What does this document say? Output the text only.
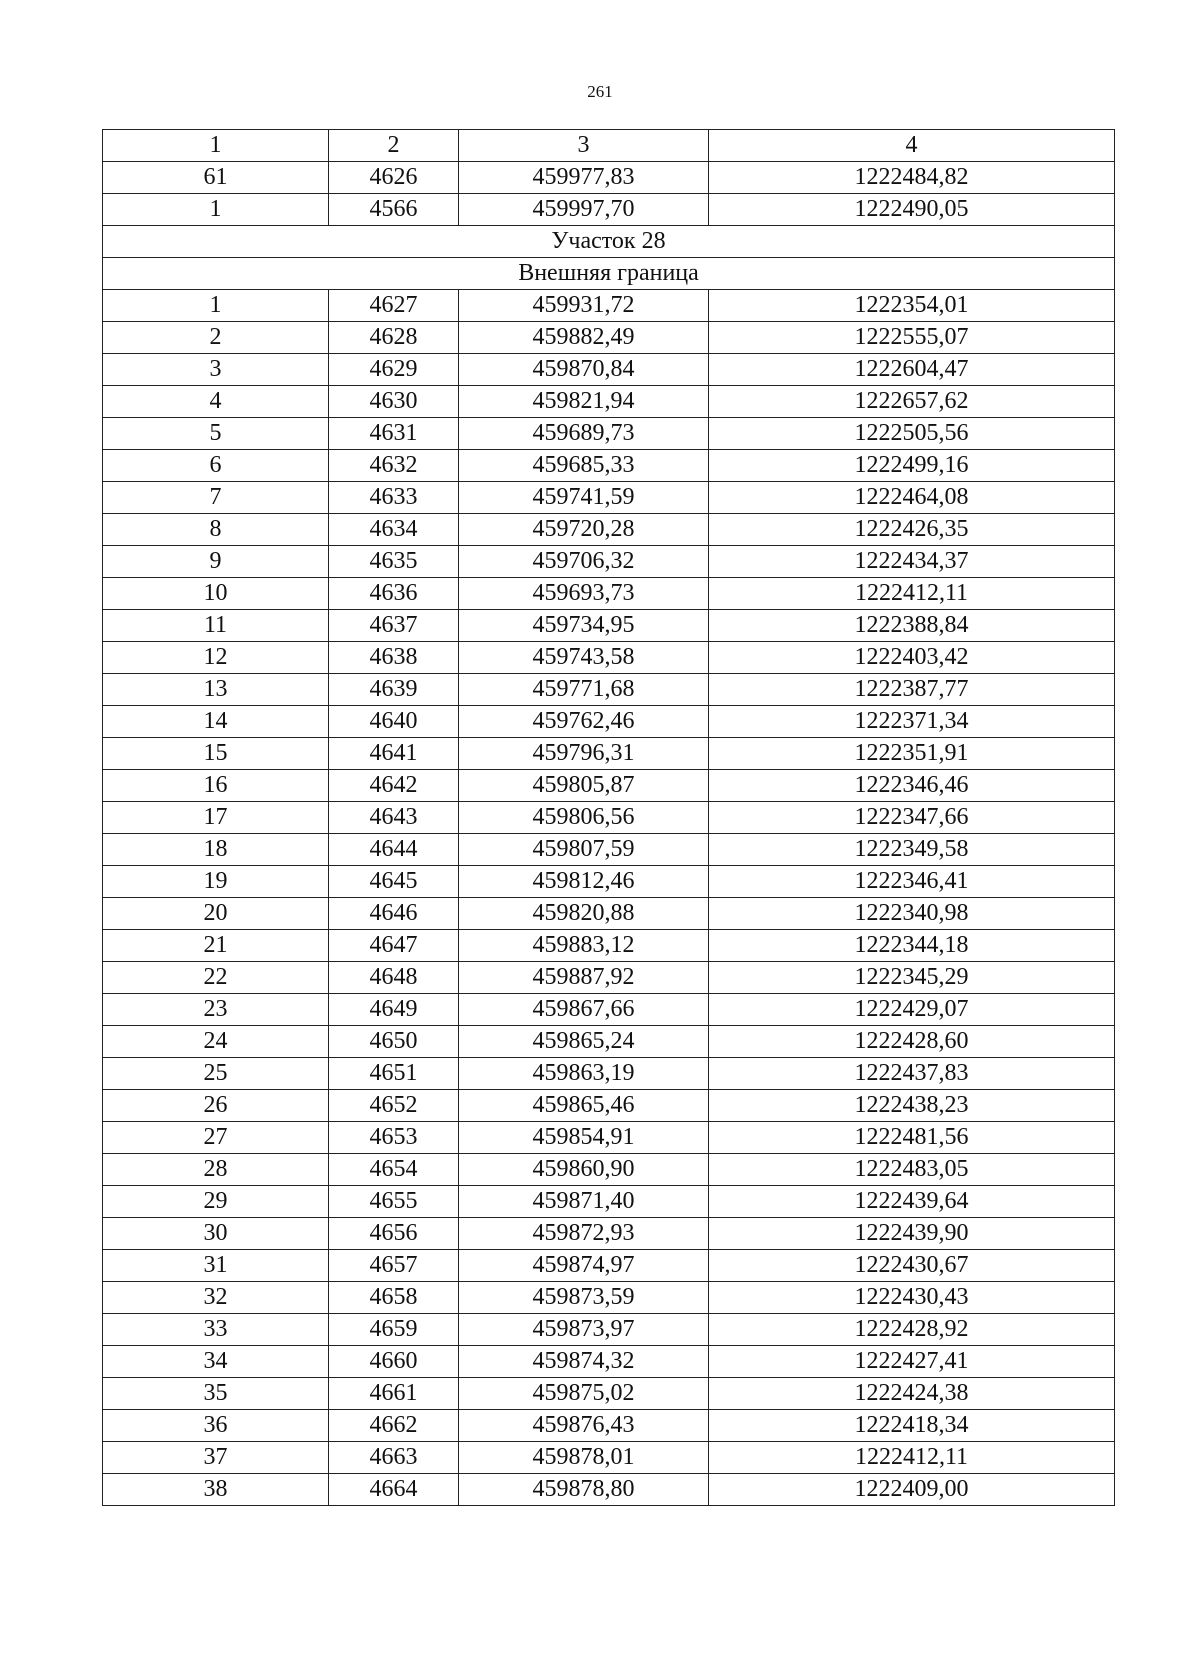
261
1	2	3	4
61	4626	459977,83	1222484,82
1	4566	459997,70	1222490,05
Участок 28			
Внешняя граница			
1	4627	459931,72	1222354,01
2	4628	459882,49	1222555,07
3	4629	459870,84	1222604,47
4	4630	459821,94	1222657,62
5	4631	459689,73	1222505,56
6	4632	459685,33	1222499,16
7	4633	459741,59	1222464,08
8	4634	459720,28	1222426,35
9	4635	459706,32	1222434,37
10	4636	459693,73	1222412,11
11	4637	459734,95	1222388,84
12	4638	459743,58	1222403,42
13	4639	459771,68	1222387,77
14	4640	459762,46	1222371,34
15	4641	459796,31	1222351,91
16	4642	459805,87	1222346,46
17	4643	459806,56	1222347,66
18	4644	459807,59	1222349,58
19	4645	459812,46	1222346,41
20	4646	459820,88	1222340,98
21	4647	459883,12	1222344,18
22	4648	459887,92	1222345,29
23	4649	459867,66	1222429,07
24	4650	459865,24	1222428,60
25	4651	459863,19	1222437,83
26	4652	459865,46	1222438,23
27	4653	459854,91	1222481,56
28	4654	459860,90	1222483,05
29	4655	459871,40	1222439,64
30	4656	459872,93	1222439,90
31	4657	459874,97	1222430,67
32	4658	459873,59	1222430,43
33	4659	459873,97	1222428,92
34	4660	459874,32	1222427,41
35	4661	459875,02	1222424,38
36	4662	459876,43	1222418,34
37	4663	459878,01	1222412,11
38	4664	459878,80	1222409,00
